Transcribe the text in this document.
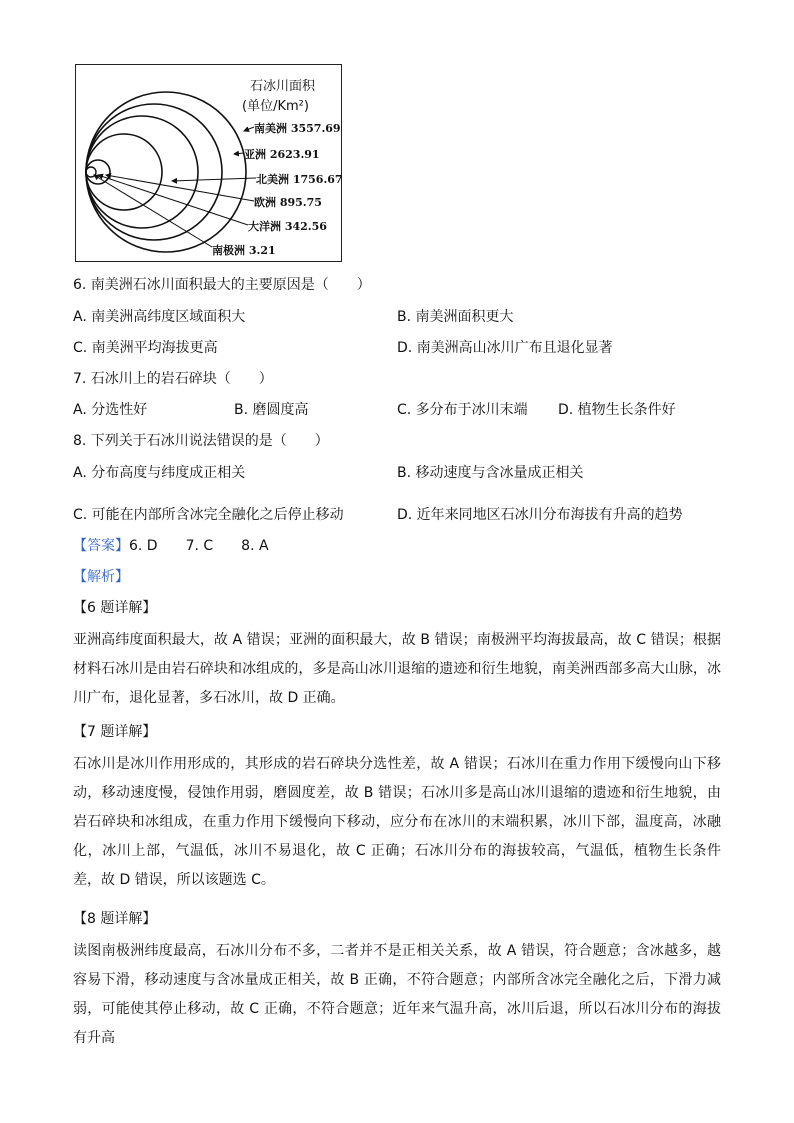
石冰川面积
(单位/Km²)
南美洲 3557.69
亚洲 2623.91
北美洲 1756.67
欧洲 895.75
大洋洲 342.56
南极洲 3.21
6. 南美洲石冰川面积最大的主要原因是（　　）
A. 南美洲高纬度区域面积大	B. 南美洲面积更大
C. 南美洲平均海拔更高	D. 南美洲高山冰川广布且退化显著
7. 石冰川上的岩石碎块（　　）
A. 分选性好	B. 磨圆度高	C. 多分布于冰川末端 D. 植物生长条件好
8. 下列关于石冰川说法错误的是（　　）
A. 分布高度与纬度成正相关	B. 移动速度与含冰量成正相关
C. 可能在内部所含冰完全融化之后停止移动	D. 近年来同地区石冰川分布海拔有升高的趋势
【答案】6. D　　7. C　　8. A
【解析】
【6 题详解】
亚洲高纬度面积最大，故 A 错误；亚洲的面积最大，故 B 错误；南极洲平均海拔最高，故 C 错误；根据材料石冰川是由岩石碎块和冰组成的，多是高山冰川退缩的遗迹和衍生地貌，南美洲西部多高大山脉，冰川广布，退化显著，多石冰川，故 D 正确。
【7 题详解】
石冰川是冰川作用形成的，其形成的岩石碎块分选性差，故 A 错误；石冰川在重力作用下缓慢向山下移动，移动速度慢，侵蚀作用弱，磨圆度差，故 B 错误；石冰川多是高山冰川退缩的遗迹和衍生地貌，由岩石碎块和冰组成，在重力作用下缓慢向下移动，应分布在冰川的末端积累，冰川下部，温度高，冰融化，冰川上部，气温低，冰川不易退化，故 C 正确；石冰川分布的海拔较高，气温低，植物生长条件差，故 D 错误，所以该题选 C。
【8 题详解】
读图南极洲纬度最高，石冰川分布不多，二者并不是正相关关系，故 A 错误，符合题意；含冰越多，越容易下滑，移动速度与含冰量成正相关，故 B 正确，不符合题意；内部所含冰完全融化之后，下滑力减弱，可能使其停止移动，故 C 正确，不符合题意；近年来气温升高，冰川后退，所以石冰川分布的海拔有升高
